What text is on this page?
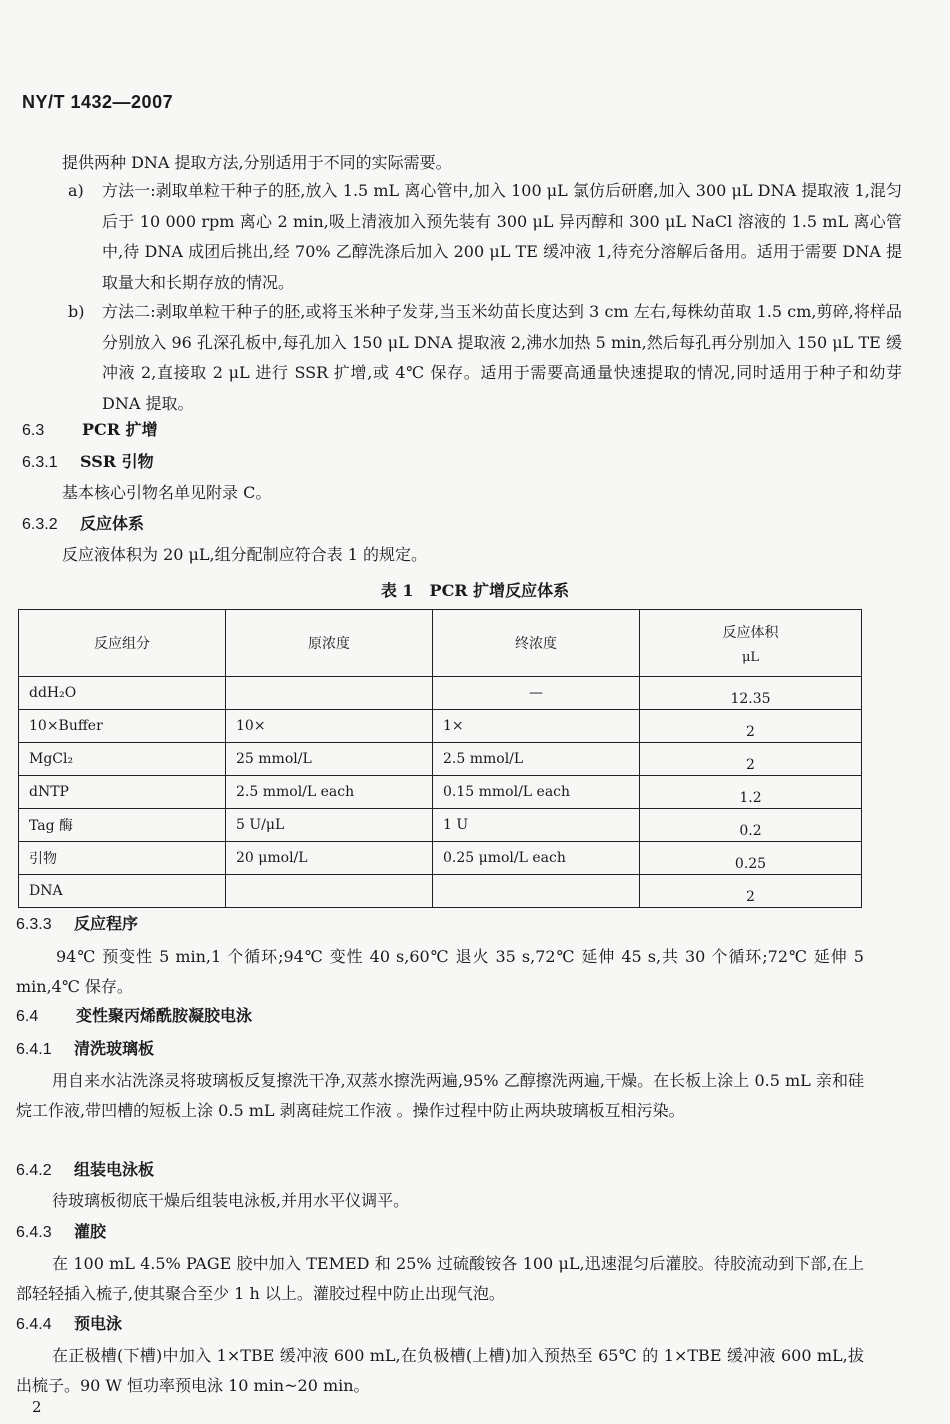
NY/T 1432—2007
提供两种 DNA 提取方法,分别适用于不同的实际需要。
a) 方法一:剥取单粒干种子的胚,放入 1.5 mL 离心管中,加入 100 μL 氯仿后研磨,加入 300 μL DNA 提取液 1,混匀后于 10 000 rpm 离心 2 min,吸上清液加入预先装有 300 μL 异丙醇和 300 μL NaCl 溶液的 1.5 mL 离心管中,待 DNA 成团后挑出,经 70% 乙醇洗涤后加入 200 μL TE 缓冲液 1,待充分溶解后备用。适用于需要 DNA 提取量大和长期存放的情况。
b) 方法二:剥取单粒干种子的胚,或将玉米种子发芽,当玉米幼苗长度达到 3 cm 左右,每株幼苗取 1.5 cm,剪碎,将样品分别放入 96 孔深孔板中,每孔加入 150 μL DNA 提取液 2,沸水加热 5 min,然后每孔再分别加入 150 μL TE 缓冲液 2,直接取 2 μL 进行 SSR 扩增,或 4℃ 保存。适用于需要高通量快速提取的情况,同时适用于种子和幼芽 DNA 提取。
6.3 PCR 扩增
6.3.1 SSR 引物
基本核心引物名单见附录 C。
6.3.2 反应体系
反应液体积为 20 μL,组分配制应符合表 1 的规定。
表 1　PCR 扩增反应体系
反应组分	原浓度	终浓度	反应体积
μL

ddH₂O		—	12.35
10×Buffer	10×	1×	2
MgCl₂	25 mmol/L	2.5 mmol/L	2
dNTP	2.5 mmol/L each	0.15 mmol/L each	1.2
Tag 酶	5 U/μL	1 U	0.2
引物	20 μmol/L	0.25 μmol/L each	0.25
DNA			2
6.3.3 反应程序
94℃ 预变性 5 min,1 个循环;94℃ 变性 40 s,60℃ 退火 35 s,72℃ 延伸 45 s,共 30 个循环;72℃ 延伸 5 min,4℃ 保存。
6.4 变性聚丙烯酰胺凝胶电泳
6.4.1 清洗玻璃板
用自来水沾洗涤灵将玻璃板反复擦洗干净,双蒸水擦洗两遍,95% 乙醇擦洗两遍,干燥。在长板上涂上 0.5 mL 亲和硅烷工作液,带凹槽的短板上涂 0.5 mL 剥离硅烷工作液 。操作过程中防止两块玻璃板互相污染。
6.4.2 组装电泳板
待玻璃板彻底干燥后组装电泳板,并用水平仪调平。
6.4.3 灌胶
在 100 mL 4.5% PAGE 胶中加入 TEMED 和 25% 过硫酸铵各 100 μL,迅速混匀后灌胶。待胶流动到下部,在上部轻轻插入梳子,使其聚合至少 1 h 以上。灌胶过程中防止出现气泡。
6.4.4 预电泳
在正极槽(下槽)中加入 1×TBE 缓冲液 600 mL,在负极槽(上槽)加入预热至 65℃ 的 1×TBE 缓冲液 600 mL,拔出梳子。90 W 恒功率预电泳 10 min~20 min。
2
